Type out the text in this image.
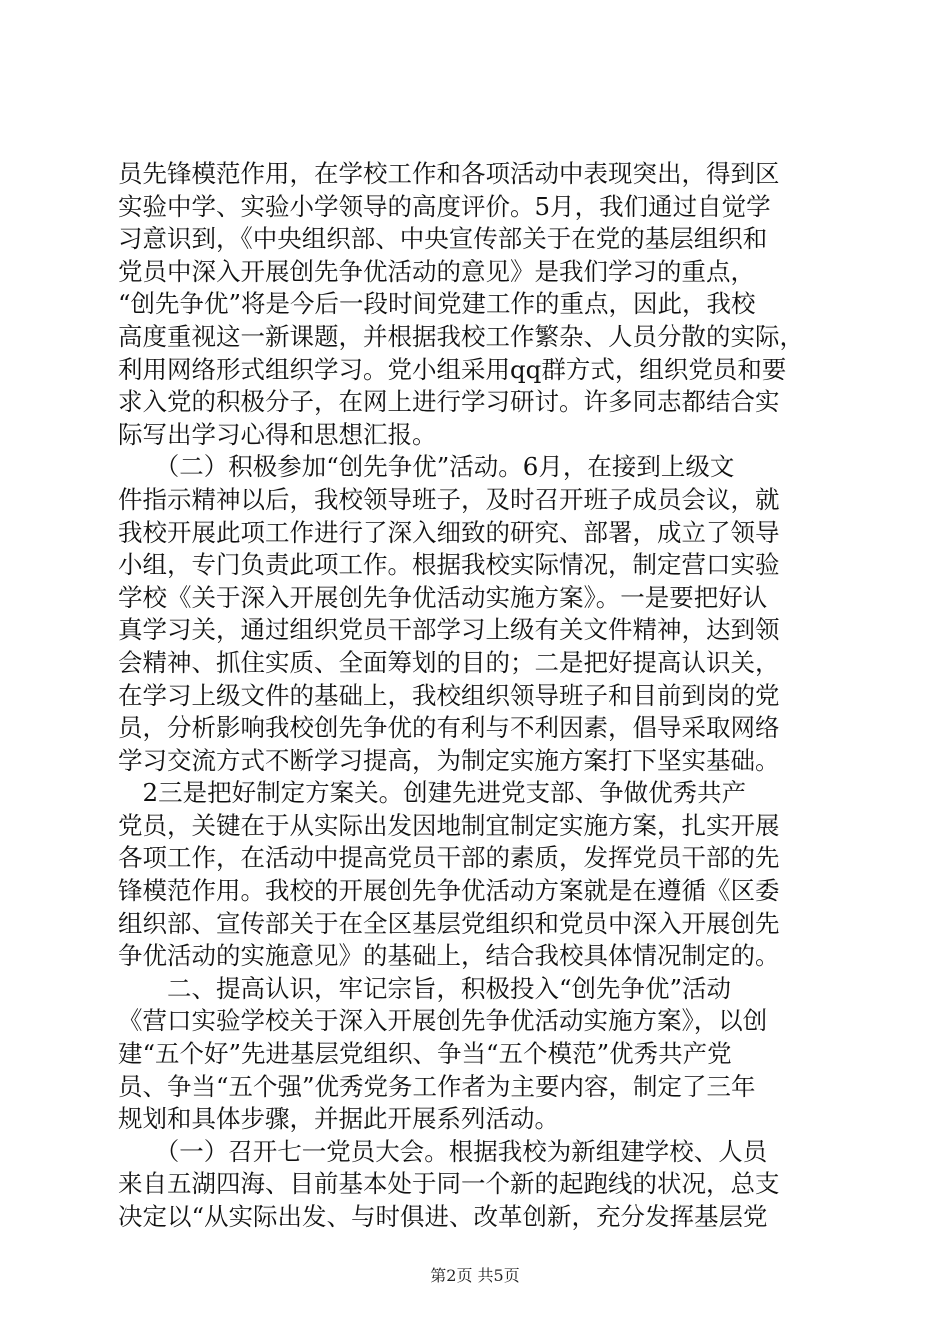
员先锋模范作用，在学校工作和各项活动中表现突出，得到区
实验中学、实验小学领导的高度评价。5月，我们通过自觉学
习意识到，《中央组织部、中央宣传部关于在党的基层组织和
党员中深入开展创先争优活动的意见》是我们学习的重点，
“创先争优”将是今后一段时间党建工作的重点，因此，我校
高度重视这一新课题，并根据我校工作繁杂、人员分散的实际，
利用网络形式组织学习。党小组采用qq群方式，组织党员和要
求入党的积极分子，在网上进行学习研讨。许多同志都结合实
际写出学习心得和思想汇报。
　　（二）积极参加“创先争优”活动。6月，在接到上级文
件指示精神以后，我校领导班子，及时召开班子成员会议，就
我校开展此项工作进行了深入细致的研究、部署，成立了领导
小组，专门负责此项工作。根据我校实际情况，制定营口实验
学校《关于深入开展创先争优活动实施方案》。一是要把好认
真学习关，通过组织党员干部学习上级有关文件精神，达到领
会精神、抓住实质、全面筹划的目的；二是把好提高认识关，
在学习上级文件的基础上，我校组织领导班子和目前到岗的党
员，分析影响我校创先争优的有利与不利因素，倡导采取网络
学习交流方式不断学习提高，为制定实施方案打下坚实基础。
　2三是把好制定方案关。创建先进党支部、争做优秀共产
党员，关键在于从实际出发因地制宜制定实施方案，扎实开展
各项工作，在活动中提高党员干部的素质，发挥党员干部的先
锋模范作用。我校的开展创先争优活动方案就是在遵循《区委
组织部、宣传部关于在全区基层党组织和党员中深入开展创先
争优活动的实施意见》的基础上，结合我校具体情况制定的。
　　二、提高认识，牢记宗旨，积极投入“创先争优”活动
《营口实验学校关于深入开展创先争优活动实施方案》，以创
建“五个好”先进基层党组织、争当“五个模范”优秀共产党
员、争当“五个强”优秀党务工作者为主要内容，制定了三年
规划和具体步骤，并据此开展系列活动。
　　（一）召开七一党员大会。根据我校为新组建学校、人员
来自五湖四海、目前基本处于同一个新的起跑线的状况，总支
决定以“从实际出发、与时俱进、改革创新，充分发挥基层党
第2页 共5页
